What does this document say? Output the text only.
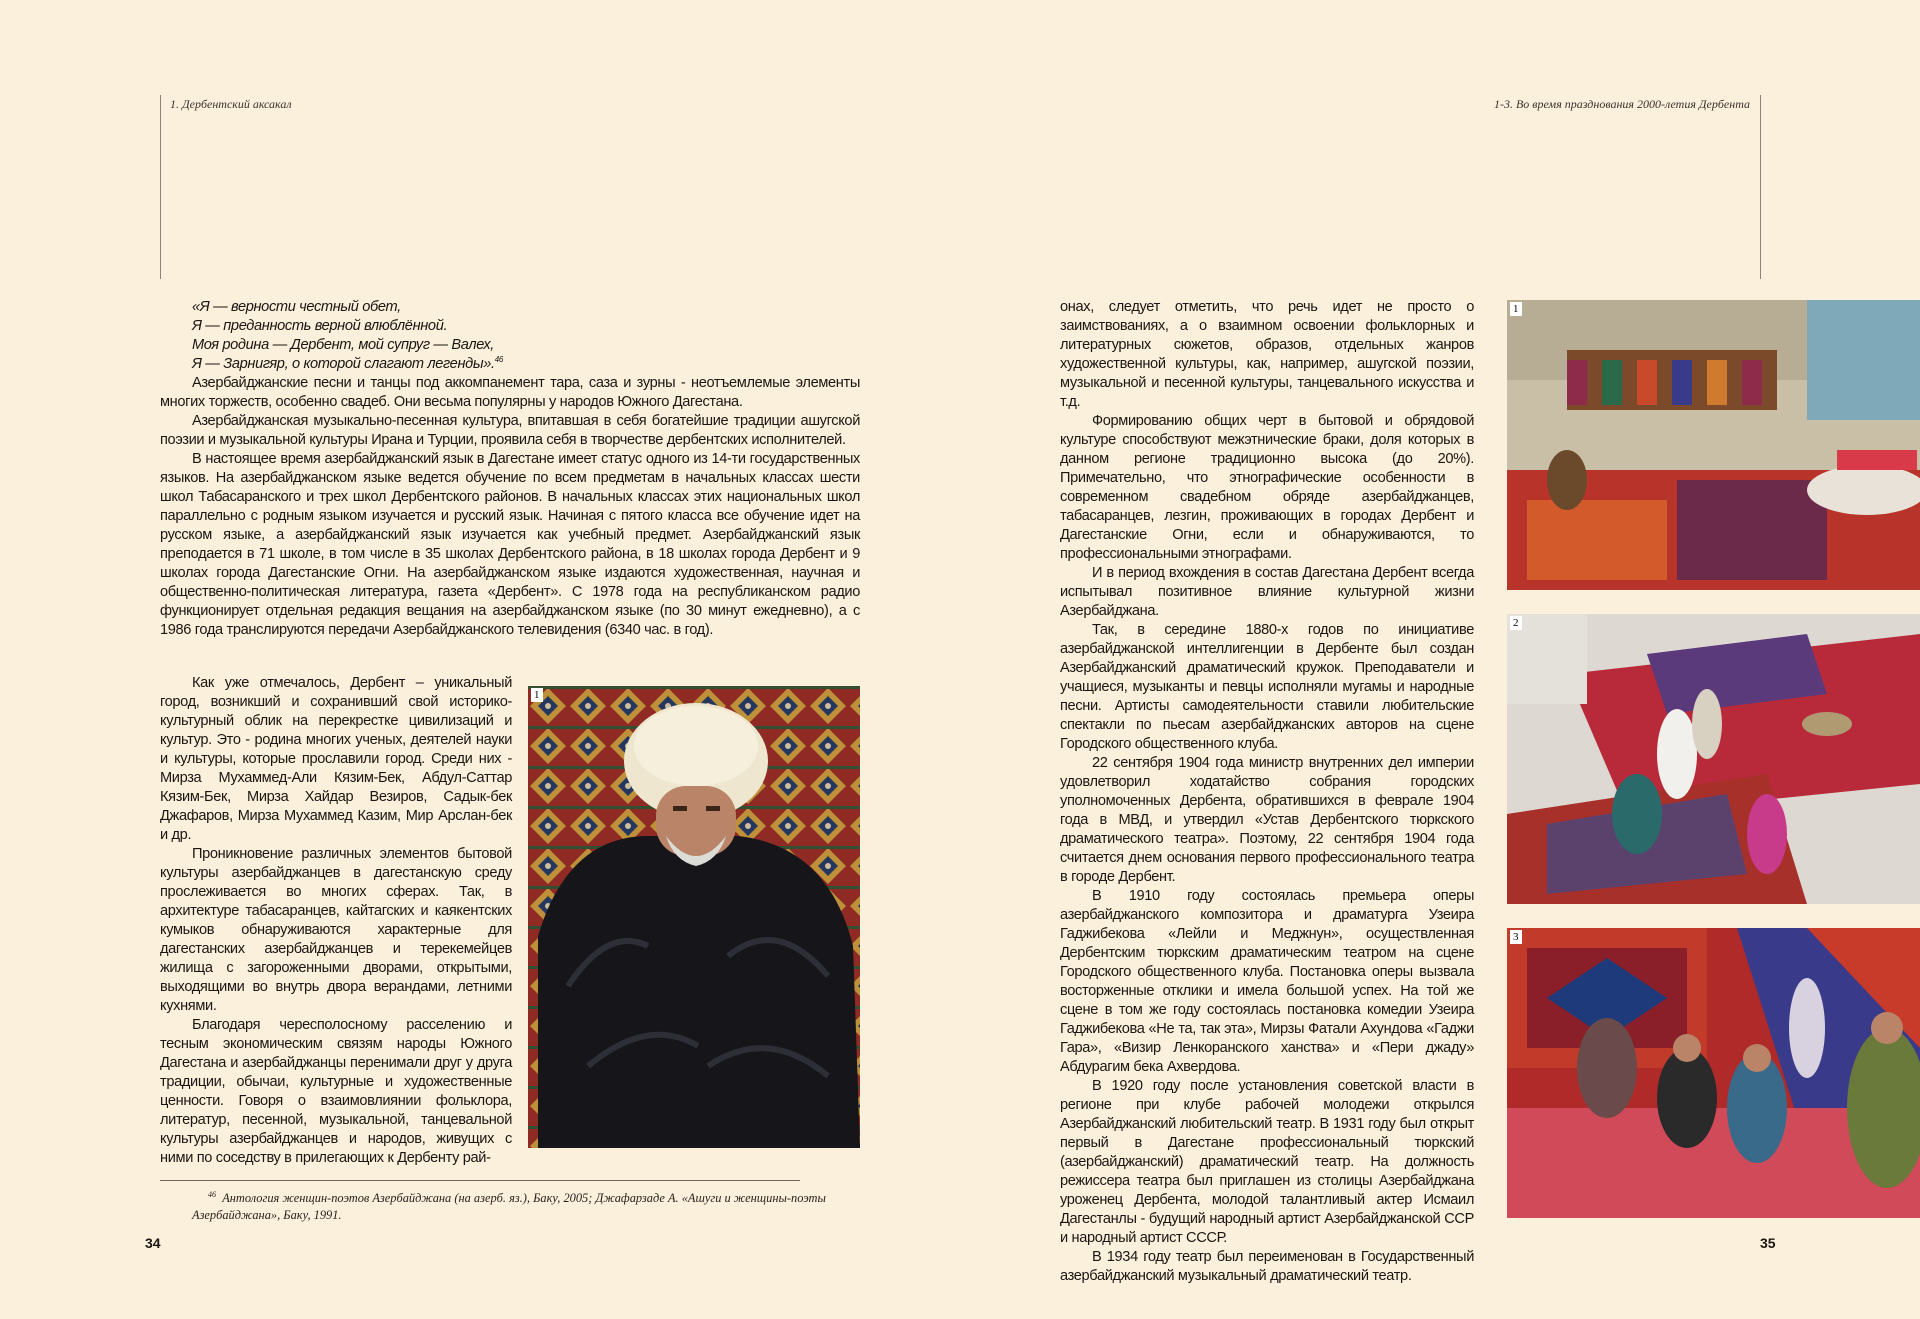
1. Дербентский аксакал	1-3. Во время празднования 2000-летия Дербента
«Я — верности честный обет,
Я — преданность верной влюблённой.
Моя родина — Дербент, мой супруг — Валех,
Я — Зарнигяр, о которой слагают легенды».$^{46}$

Азербайджанские песни и танцы под аккомпанемент тара, саза и зурны - неотъемлемые элементы многих торжеств, особенно свадеб. Они весьма популярны у народов Южного Дагестана.

Азербайджанская музыкально-песенная культура, впитавшая в себя богатейшие традиции ашугской поэзии и музыкальной культуры Ирана и Турции, проявила себя в творчестве дербентских исполнителей.

В настоящее время азербайджанский язык в Дагестане имеет статус одного из 14-ти государственных языков. На азербайджанском языке ведется обучение по всем предметам в начальных классах шести школ Табасаранского и трех школ Дербентского районов. В начальных классах этих национальных школ параллельно с родным языком изучается и русский язык. Начиная с пятого класса все обучение идет на русском языке, а азербайджанский язык изучается как учебный предмет. Азербайджанский язык преподается в 71 школе, в том числе в 35 школах Дербентского района, в 18 школах города Дербент и 9 школах города Дагестанские Огни. На азербайджанском языке издаются художественная, научная и общественно-политическая литература, газета «Дербент». С 1978 года на республиканском радио функционирует отдельная редакция вещания на азербайджанском языке (по 30 минут ежедневно), а с 1986 года транслируются передачи Азербайджанского телевидения (6340 час. в год).

Как уже отмечалось, Дербент – уникальный город, возникший и сохранивший свой историко-культурный облик на перекрестке цивилизаций и культур. Это - родина многих ученых, деятелей науки и культуры, которые прославили город. Среди них - Мирза Мухаммед-Али Кязим-Бек, Абдул-Саттар Кязим-Бек, Мирза Хайдар Везиров, Садык-бек Джафаров, Мирза Мухаммед Казим, Мир Арслан-бек и др.

Проникновение различных элементов бытовой культуры азербайджанцев в дагестанскую среду прослеживается во многих сферах. Так, в архитектуре табасаранцев, кайтагских и каякентских кумыков обнаруживаются характерные для дагестанских азербайджанцев и терекемейцев жилища с загороженными дворами, открытыми, выходящими во внутрь двора верандами, летними кухнями.

Благодаря чересполосному расселению и тесным экономическим связям народы Южного Дагестана и азербайджанцы перенимали друг у друга традиции, обычаи, культурные и художественные ценности. Говоря о взаимовлиянии фольклора, литератур, песенной, музыкальной, танцевальной культуры азербайджанцев и народов, живущих с ними по соседству в прилегающих к Дербенту рай-

1
$^{46}$ Антология женщин-поэтов Азербайджана (на азерб. яз.), Баку, 2005; Джафарзаде А. «Ашуги и женщины-поэты Азербайджана», Баку, 1991.
34

онах, следует отметить, что речь идет не просто о заимствованиях, а о взаимном освоении фольклорных и литературных сюжетов, образов, отдельных жанров художественной культуры, как, например, ашугской поэзии, музыкальной и песенной культуры, танцевального искусства и т.д.

Формированию общих черт в бытовой и обрядовой культуре способствуют межэтнические браки, доля которых в данном регионе традиционно высока (до 20%). Примечательно, что этнографические особенности в современном свадебном обряде азербайджанцев, табасаранцев, лезгин, проживающих в городах Дербент и Дагестанские Огни, если и обнаруживаются, то профессиональными этнографами.

И в период вхождения в состав Дагестана Дербент всегда испытывал позитивное влияние культурной жизни Азербайджана.

Так, в середине 1880-х годов по инициативе азербайджанской интеллигенции в Дербенте был создан Азербайджанский драматический кружок. Преподаватели и учащиеся, музыканты и певцы исполняли мугамы и народные песни. Артисты самодеятельности ставили любительские спектакли по пьесам азербайджанских авторов на сцене Городского общественного клуба.

22 сентября 1904 года министр внутренних дел империи удовлетворил ходатайство собрания городских уполномоченных Дербента, обратившихся в феврале 1904 года в МВД, и утвердил «Устав Дербентского тюркского драматического театра». Поэтому, 22 сентября 1904 года считается днем основания первого профессионального театра в городе Дербент.

В 1910 году состоялась премьера оперы азербайджанского композитора и драматурга Узеира Гаджибекова «Лейли и Меджнун», осуществленная Дербентским тюркским драматическим театром на сцене Городского общественного клуба. Постановка оперы вызвала восторженные отклики и имела большой успех. На той же сцене в том же году состоялась постановка комедии Узеира Гаджибекова «Не та, так эта», Мирзы Фатали Ахундова «Гаджи Гара», «Визир Ленкоранского ханства» и «Пери джаду» Абдурагим бека Ахвердова.

В 1920 году после установления советской власти в регионе при клубе рабочей молодежи открылся Азербайджанский любительский театр. В 1931 году был открыт первый в Дагестане профессиональный тюркский (азербайджанский) драматический театр. На должность режиссера театра был приглашен из столицы Азербайджана уроженец Дербента, молодой талантливый актер Исмаил Дагестанлы - будущий народный артист Азербайджанской ССР и народный артист СССР.

В 1934 году театр был переименован в Государственный азербайджанский музыкальный драматический театр.

1
2
3
35
